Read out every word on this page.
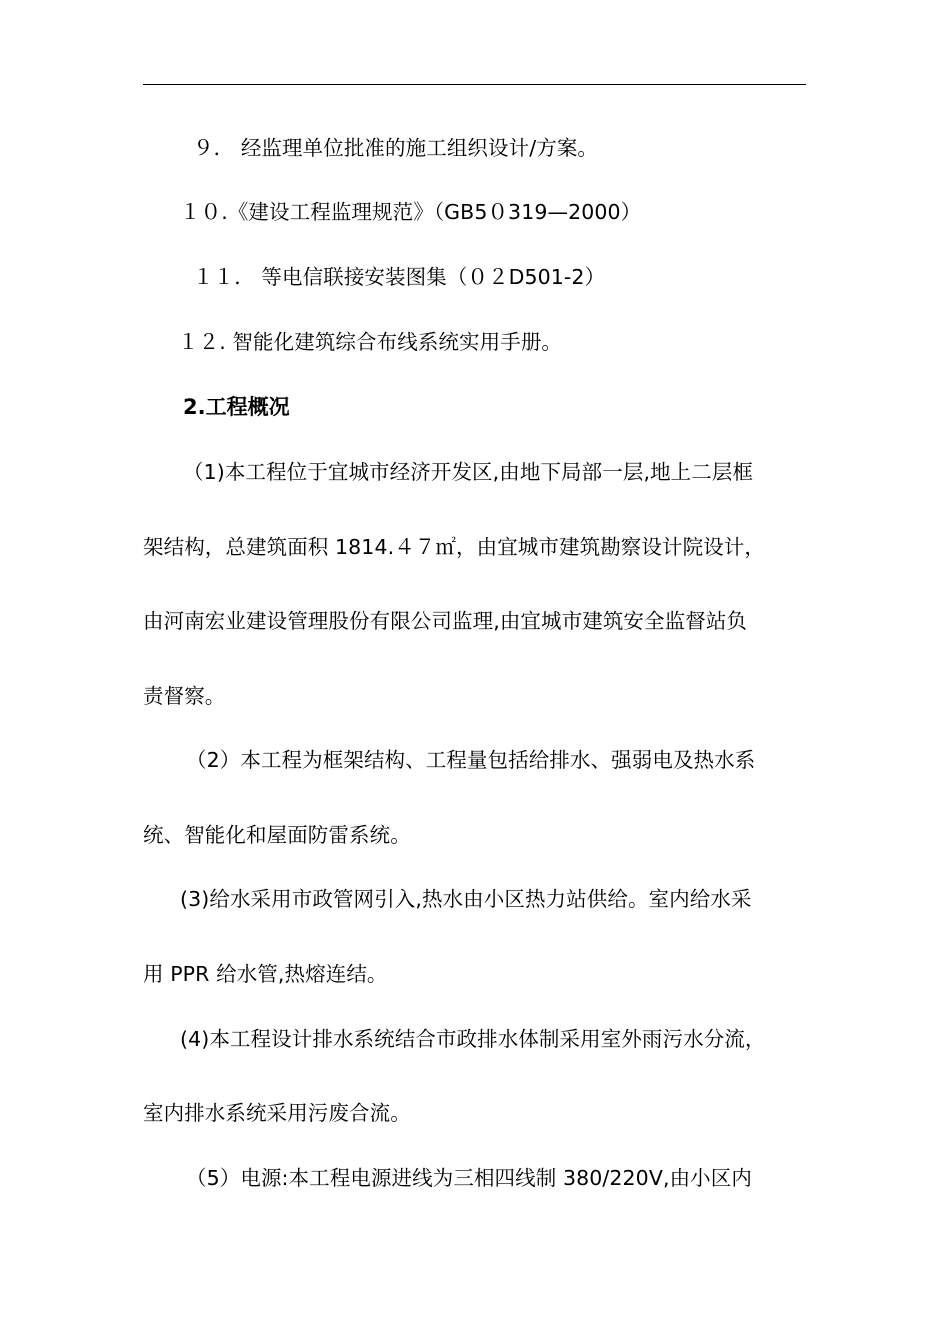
９． 经监理单位批准的施工组织设计/方案。
１０.《建设工程监理规范》（GB5０319—2000）
１１． 等电信联接安装图集（０２D501-2）
１２. 智能化建筑综合布线系统实用手册。
2.工程概况
（1)本工程位于宜城市经济开发区,由地下局部一层,地上二层框
架结构，总建筑面积 1814.４７㎡，由宜城市建筑勘察设计院设计，
由河南宏业建设管理股份有限公司监理,由宜城市建筑安全监督站负
责督察。
（2）本工程为框架结构、工程量包括给排水、强弱电及热水系
统、智能化和屋面防雷系统。
(3)给水采用市政管网引入,热水由小区热力站供给。室内给水采
用 PPR 给水管,热熔连结。
(4)本工程设计排水系统结合市政排水体制采用室外雨污水分流，
室内排水系统采用污废合流。
（5）电源:本工程电源进线为三相四线制 380/220V,由小区内
